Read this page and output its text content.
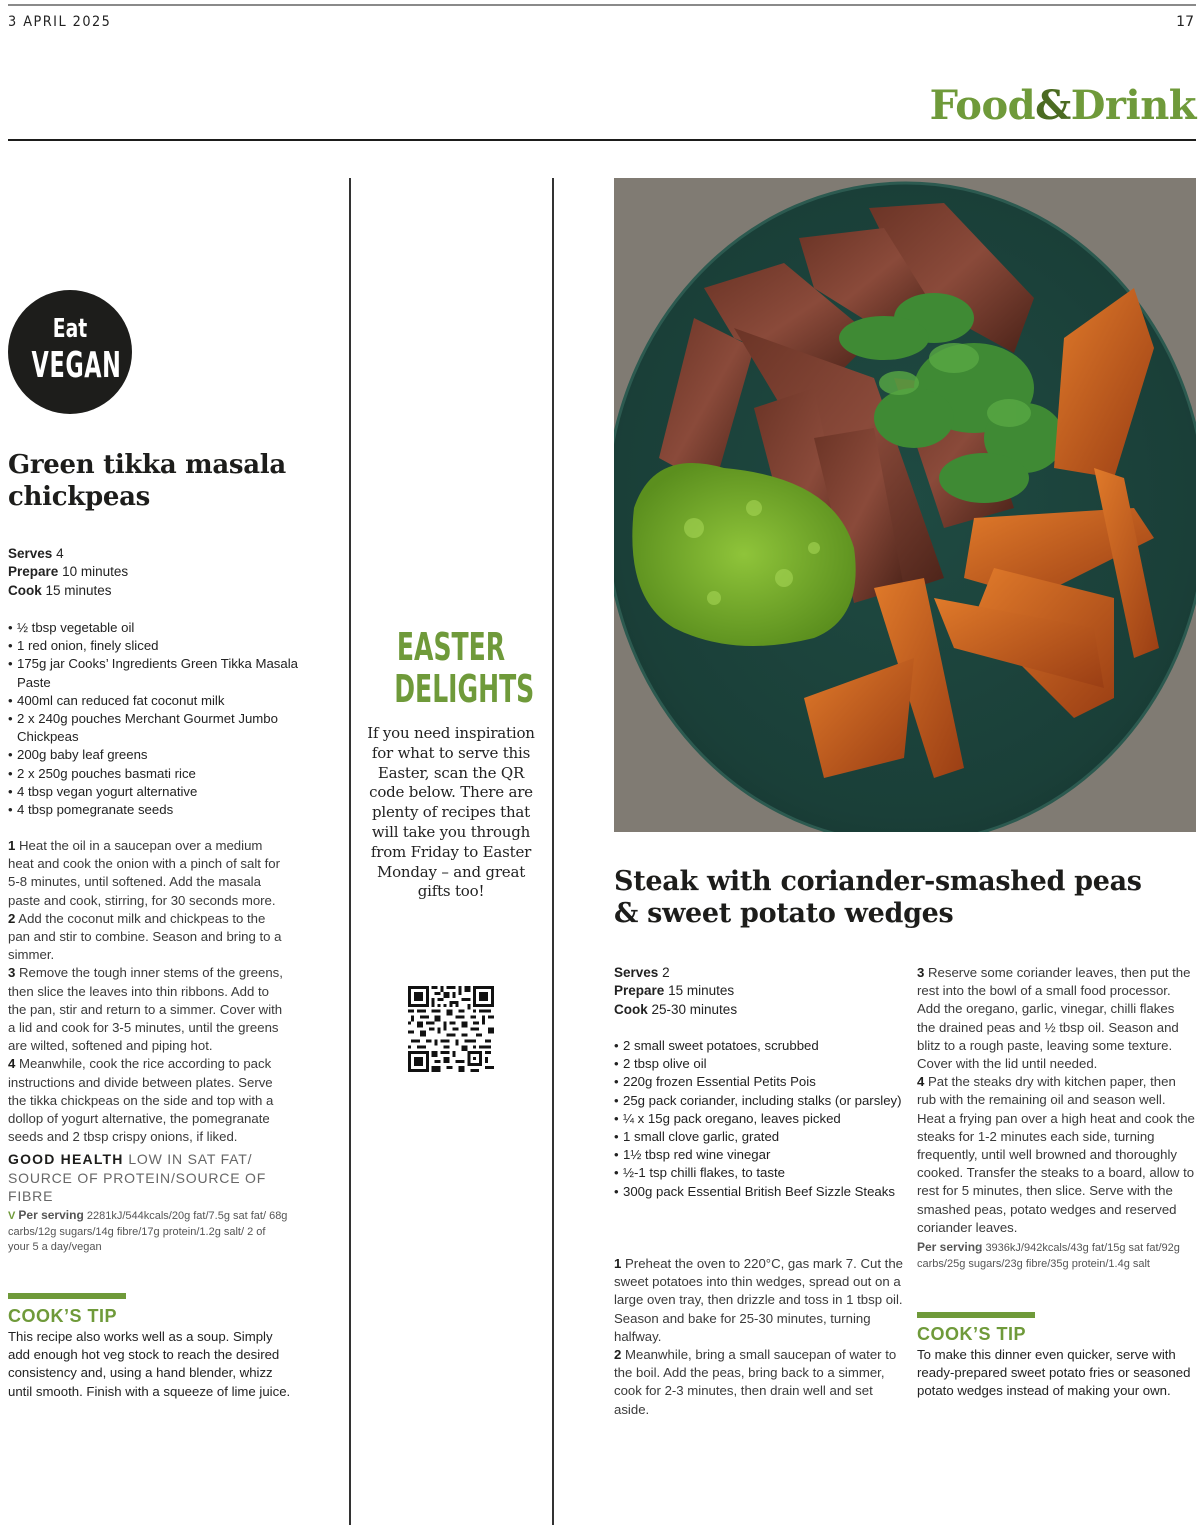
3 APRIL 2025	17
Food&Drink
Eat
VEGAN
Green tikka masala chickpeas
Serves 4
Prepare 10 minutes
Cook 15 minutes
• ½ tbsp vegetable oil
• 1 red onion, finely sliced
• 175g jar Cooks’ Ingredients Green Tikka Masala Paste
• 400ml can reduced fat coconut milk
• 2 x 240g pouches Merchant Gourmet Jumbo Chickpeas
• 200g baby leaf greens
• 2 x 250g pouches basmati rice
• 4 tbsp vegan yogurt alternative
• 4 tbsp pomegranate seeds

1 Heat the oil in a saucepan over a medium heat and cook the onion with a pinch of salt for 5-8 minutes, until softened. Add the masala paste and cook, stirring, for 30 seconds more.

2 Add the coconut milk and chickpeas to the pan and stir to combine. Season and bring to a simmer.

3 Remove the tough inner stems of the greens, then slice the leaves into thin ribbons. Add to the pan, stir and return to a simmer. Cover with a lid and cook for 3-5 minutes, until the greens are wilted, softened and piping hot.

4 Meanwhile, cook the rice according to pack instructions and divide between plates. Serve the tikka chickpeas on the side and top with a dollop of yogurt alternative, the pomegranate seeds and 2 tbsp crispy onions, if liked.

GOOD HEALTH LOW IN SAT FAT/ SOURCE OF PROTEIN/SOURCE OF FIBRE
V Per serving 2281kJ/544kcals/20g fat/7.5g sat fat/ 68g carbs/12g sugars/14g fibre/17g protein/1.2g salt/ 2 of your 5 a day/vegan
COOK’S TIP
This recipe also works well as a soup. Simply add enough hot veg stock to reach the desired consistency and, using a hand blender, whizz until smooth. Finish with a squeeze of lime juice.
EASTER
DELIGHTS

If you need inspiration for what to serve this Easter, scan the QR code below. There are plenty of recipes that will take you through from Friday to Easter Monday – and great gifts too!	Steak with coriander-smashed peas & sweet potato wedges
Serves 2
Prepare 15 minutes
Cook 25-30 minutes
• 2 small sweet potatoes, scrubbed
• 2 tbsp olive oil
• 220g frozen Essential Petits Pois
• 25g pack coriander, including stalks (or parsley)
• ¼ x 15g pack oregano, leaves picked
• 1 small clove garlic, grated
• 1½ tbsp red wine vinegar
• ½-1 tsp chilli flakes, to taste
• 300g pack Essential British Beef Sizzle Steaks

1 Preheat the oven to 220°C, gas mark 7. Cut the sweet potatoes into thin wedges, spread out on a large oven tray, then drizzle and toss in 1 tbsp oil. Season and bake for 25-30 minutes, turning halfway.

2 Meanwhile, bring a small saucepan of water to the boil. Add the peas, bring back to a simmer, cook for 2-3 minutes, then drain well and set aside.

3 Reserve some coriander leaves, then put the rest into the bowl of a small food processor. Add the oregano, garlic, vinegar, chilli flakes the drained peas and ½ tbsp oil. Season and blitz to a rough paste, leaving some texture. Cover with the lid until needed.

4 Pat the steaks dry with kitchen paper, then rub with the remaining oil and season well. Heat a frying pan over a high heat and cook the steaks for 1-2 minutes each side, turning frequently, until well browned and thoroughly cooked. Transfer the steaks to a board, allow to rest for 5 minutes, then slice. Serve with the smashed peas, potato wedges and reserved coriander leaves.

Per serving 3936kJ/942kcals/43g fat/15g sat fat/92g carbs/25g sugars/23g fibre/35g protein/1.4g salt
COOK’S TIP
To make this dinner even quicker, serve with ready-prepared sweet potato fries or seasoned potato wedges instead of making your own.
